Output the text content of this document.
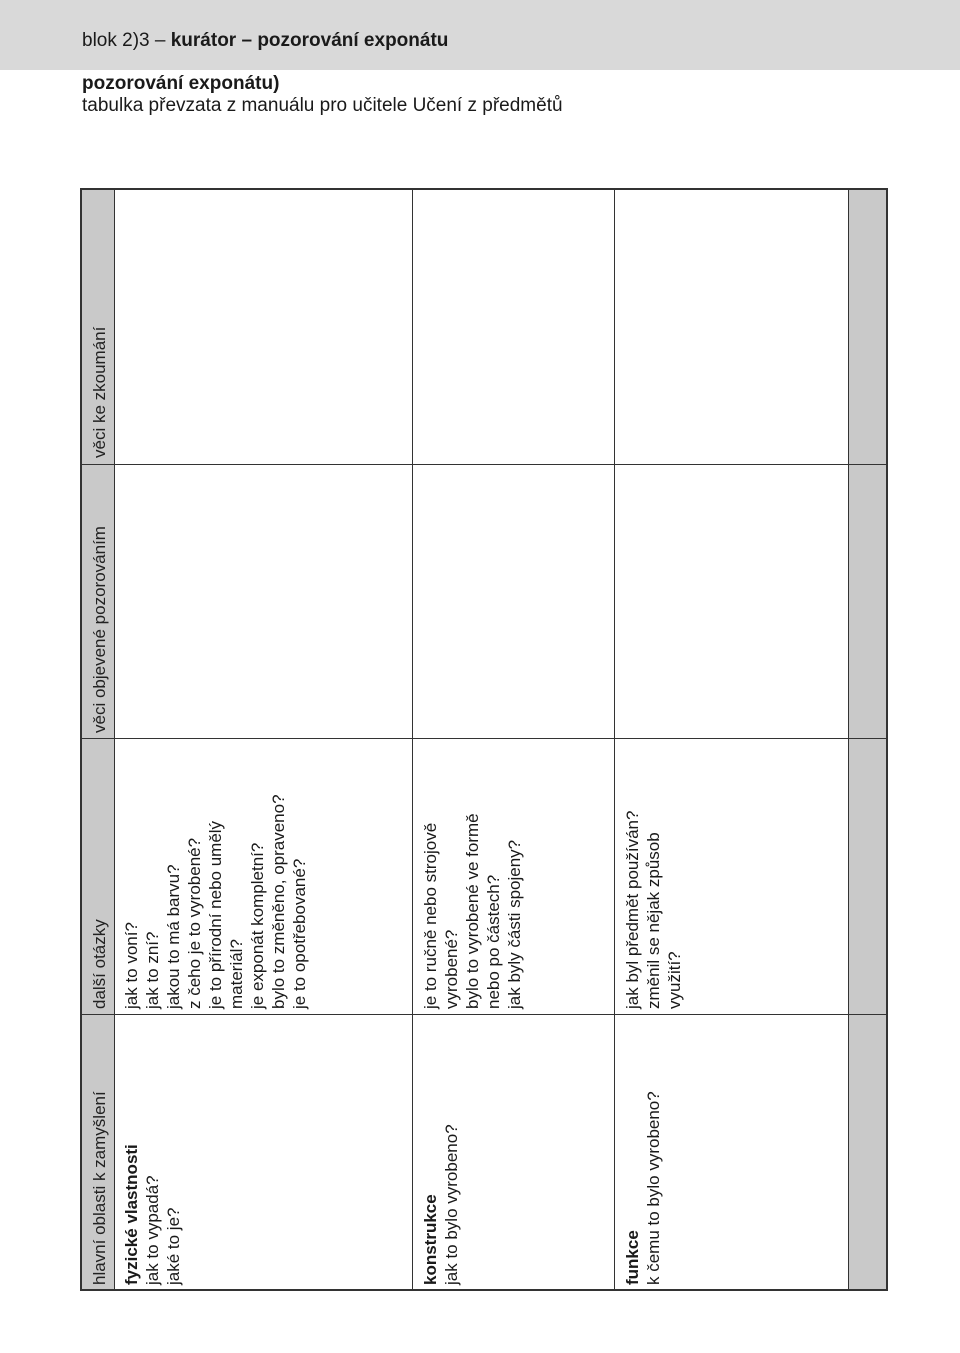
blok 2)3 – kurátor – pozorování exponátu
pozorování exponátu)
tabulka převzata z manuálu pro učitele Učení z předmětů
hlavní oblasti k zamyšlení
další otázky
věci objevené pozorováním
věci ke zkoumání
fyzické vlastnosti jak to vypadá? jaké to je?
jak to voní? jak to zní? jakou to má barvu? z čeho je to vyrobené? je to přírodní nebo umělý materiál? je exponát kompletní? bylo to změněno, opraveno? je to opotřebované?
konstrukce jak to bylo vyrobeno?
je to ručně nebo strojově vyrobené? bylo to vyrobené ve formě nebo po částech? jak byly části spojeny?
funkce k čemu to bylo vyrobeno?
jak byl předmět používán? změnil se nějak způsob využití?
